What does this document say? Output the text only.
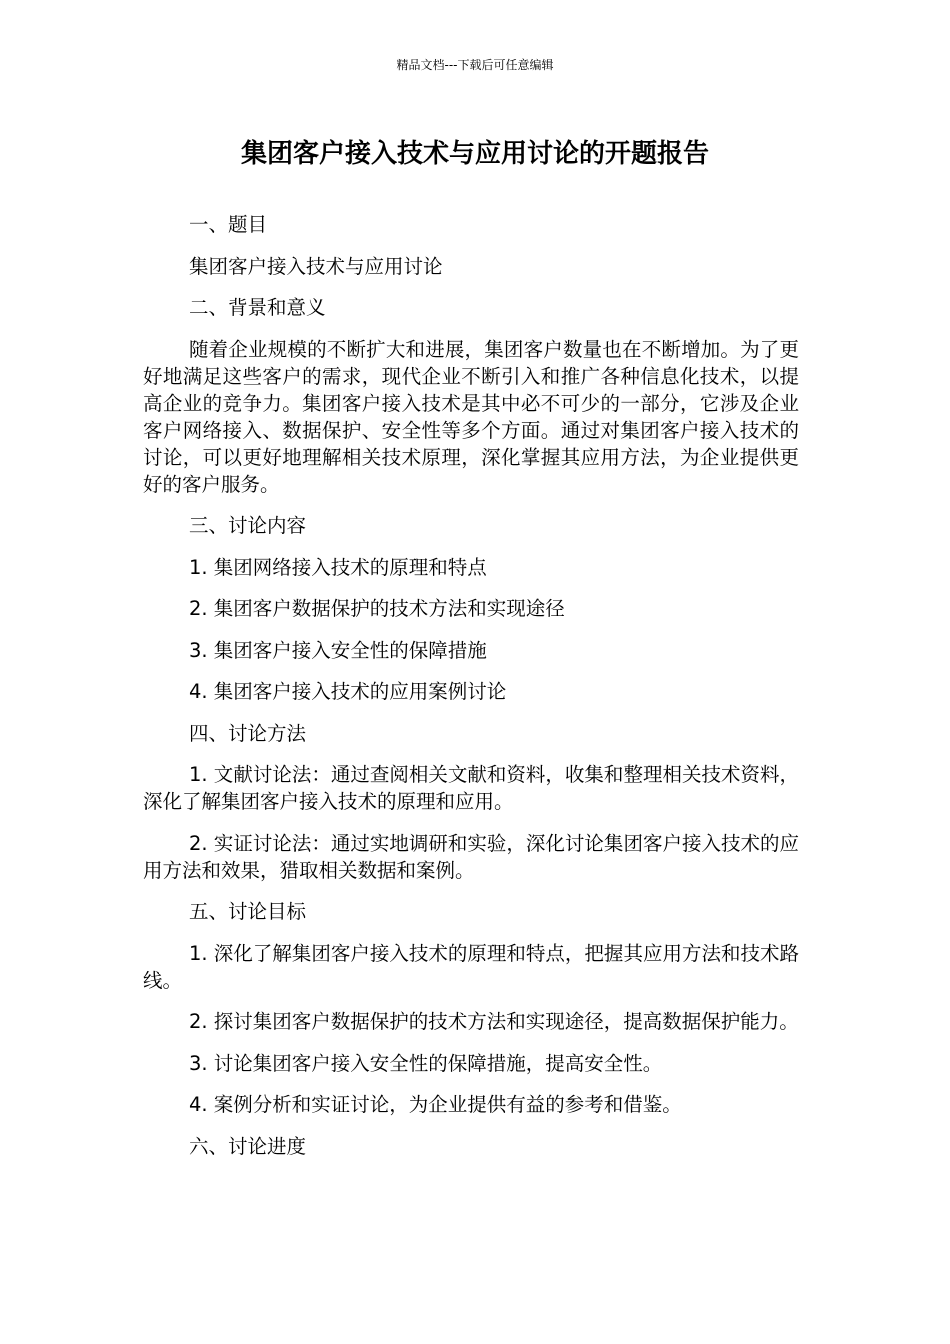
精品文档---下载后可任意编辑
集团客户接入技术与应用讨论的开题报告

一、题目

集团客户接入技术与应用讨论

二、背景和意义

随着企业规模的不断扩大和进展，集团客户数量也在不断增加。为了更好地满足这些客户的需求，现代企业不断引入和推广各种信息化技术，以提高企业的竞争力。集团客户接入技术是其中必不可少的一部分，它涉及企业客户网络接入、数据保护、安全性等多个方面。通过对集团客户接入技术的讨论，可以更好地理解相关技术原理，深化掌握其应用方法，为企业提供更好的客户服务。

三、讨论内容

1. 集团网络接入技术的原理和特点

2. 集团客户数据保护的技术方法和实现途径

3. 集团客户接入安全性的保障措施

4. 集团客户接入技术的应用案例讨论

四、讨论方法

1. 文献讨论法：通过查阅相关文献和资料，收集和整理相关技术资料，深化了解集团客户接入技术的原理和应用。

2. 实证讨论法：通过实地调研和实验，深化讨论集团客户接入技术的应用方法和效果，猎取相关数据和案例。

五、讨论目标

1. 深化了解集团客户接入技术的原理和特点，把握其应用方法和技术路线。

2. 探讨集团客户数据保护的技术方法和实现途径，提高数据保护能力。

3. 讨论集团客户接入安全性的保障措施，提高安全性。

4. 案例分析和实证讨论，为企业提供有益的参考和借鉴。

六、讨论进度
